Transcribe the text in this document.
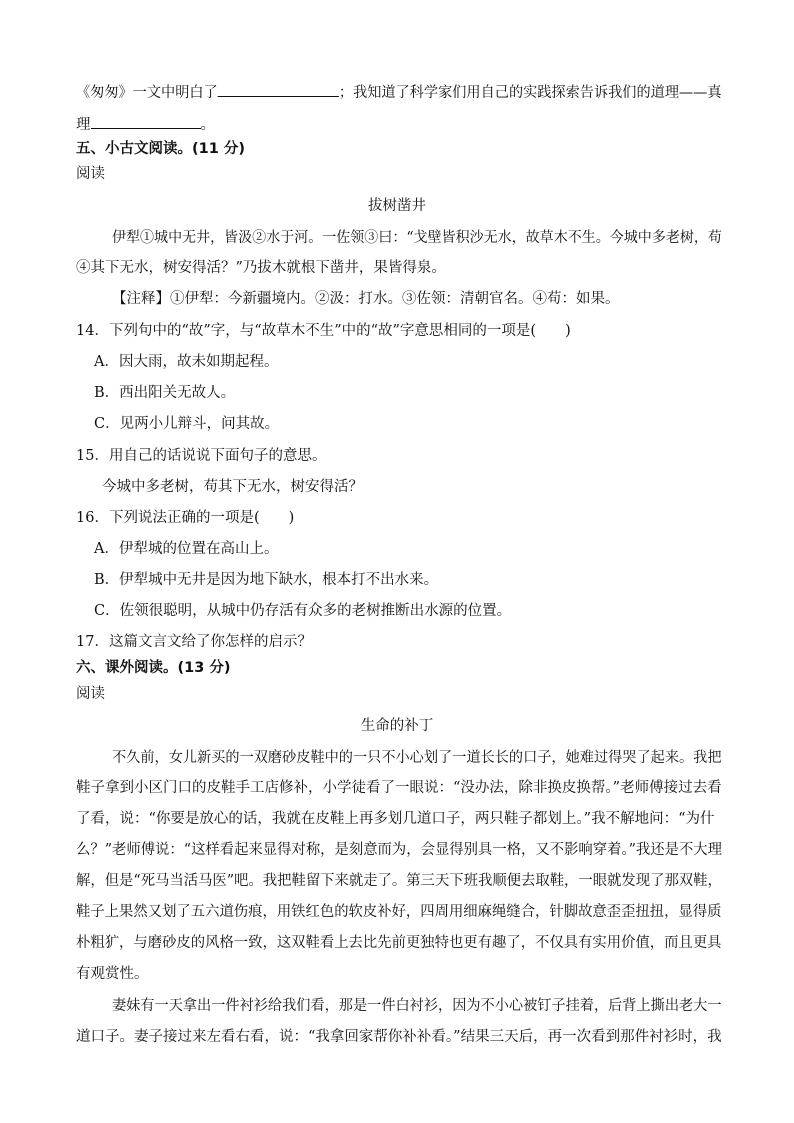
《匆匆》一文中明白了	；我知道了科学家们用自己的实践探索告诉我们的道理——真
理	。
五、小古文阅读。(11 分)
阅读
拔树凿井
伊犁①城中无井，皆汲②水于河。一佐领③曰：“戈壁皆积沙无水，故草木不生。今城中多老树，苟
④其下无水，树安得活？”乃拔木就根下凿井，果皆得泉。
【注释】①伊犁：今新疆境内。②汲：打水。③佐领：清朝官名。④苟：如果。
14．下列句中的“故”字，与“故草木不生”中的“故”字意思相同的一项是(　　)
A．因大雨，故未如期起程。
B．西出阳关无故人。
C．见两小儿辩斗，问其故。
15．用自己的话说说下面句子的意思。
今城中多老树，苟其下无水，树安得活？
16．下列说法正确的一项是(　　)
A．伊犁城的位置在高山上。
B．伊犁城中无井是因为地下缺水，根本打不出水来。
C．佐领很聪明，从城中仍存活有众多的老树推断出水源的位置。
17．这篇文言文给了你怎样的启示？
六、课外阅读。(13 分)
阅读
生命的补丁
不久前，女儿新买的一双磨砂皮鞋中的一只不小心划了一道长长的口子，她难过得哭了起来。我把
鞋子拿到小区门口的皮鞋手工店修补，小学徒看了一眼说：“没办法，除非换皮换帮。”老师傅接过去看
了看，说：“你要是放心的话，我就在皮鞋上再多划几道口子，两只鞋子都划上。”我不解地问：“为什
么？”老师傅说：“这样看起来显得对称，是刻意而为，会显得别具一格，又不影响穿着。”我还是不大理
解，但是“死马当活马医”吧。我把鞋留下来就走了。第三天下班我顺便去取鞋，一眼就发现了那双鞋，
鞋子上果然又划了五六道伤痕，用铁红色的软皮补好，四周用细麻绳缝合，针脚故意歪歪扭扭，显得质
朴粗犷，与磨砂皮的风格一致，这双鞋看上去比先前更独特也更有趣了，不仅具有实用价值，而且更具
有观赏性。
妻妹有一天拿出一件衬衫给我们看，那是一件白衬衫，因为不小心被钉子挂着，后背上撕出老大一
道口子。妻子接过来左看右看，说：“我拿回家帮你补补看。”结果三天后，再一次看到那件衬衫时，我
